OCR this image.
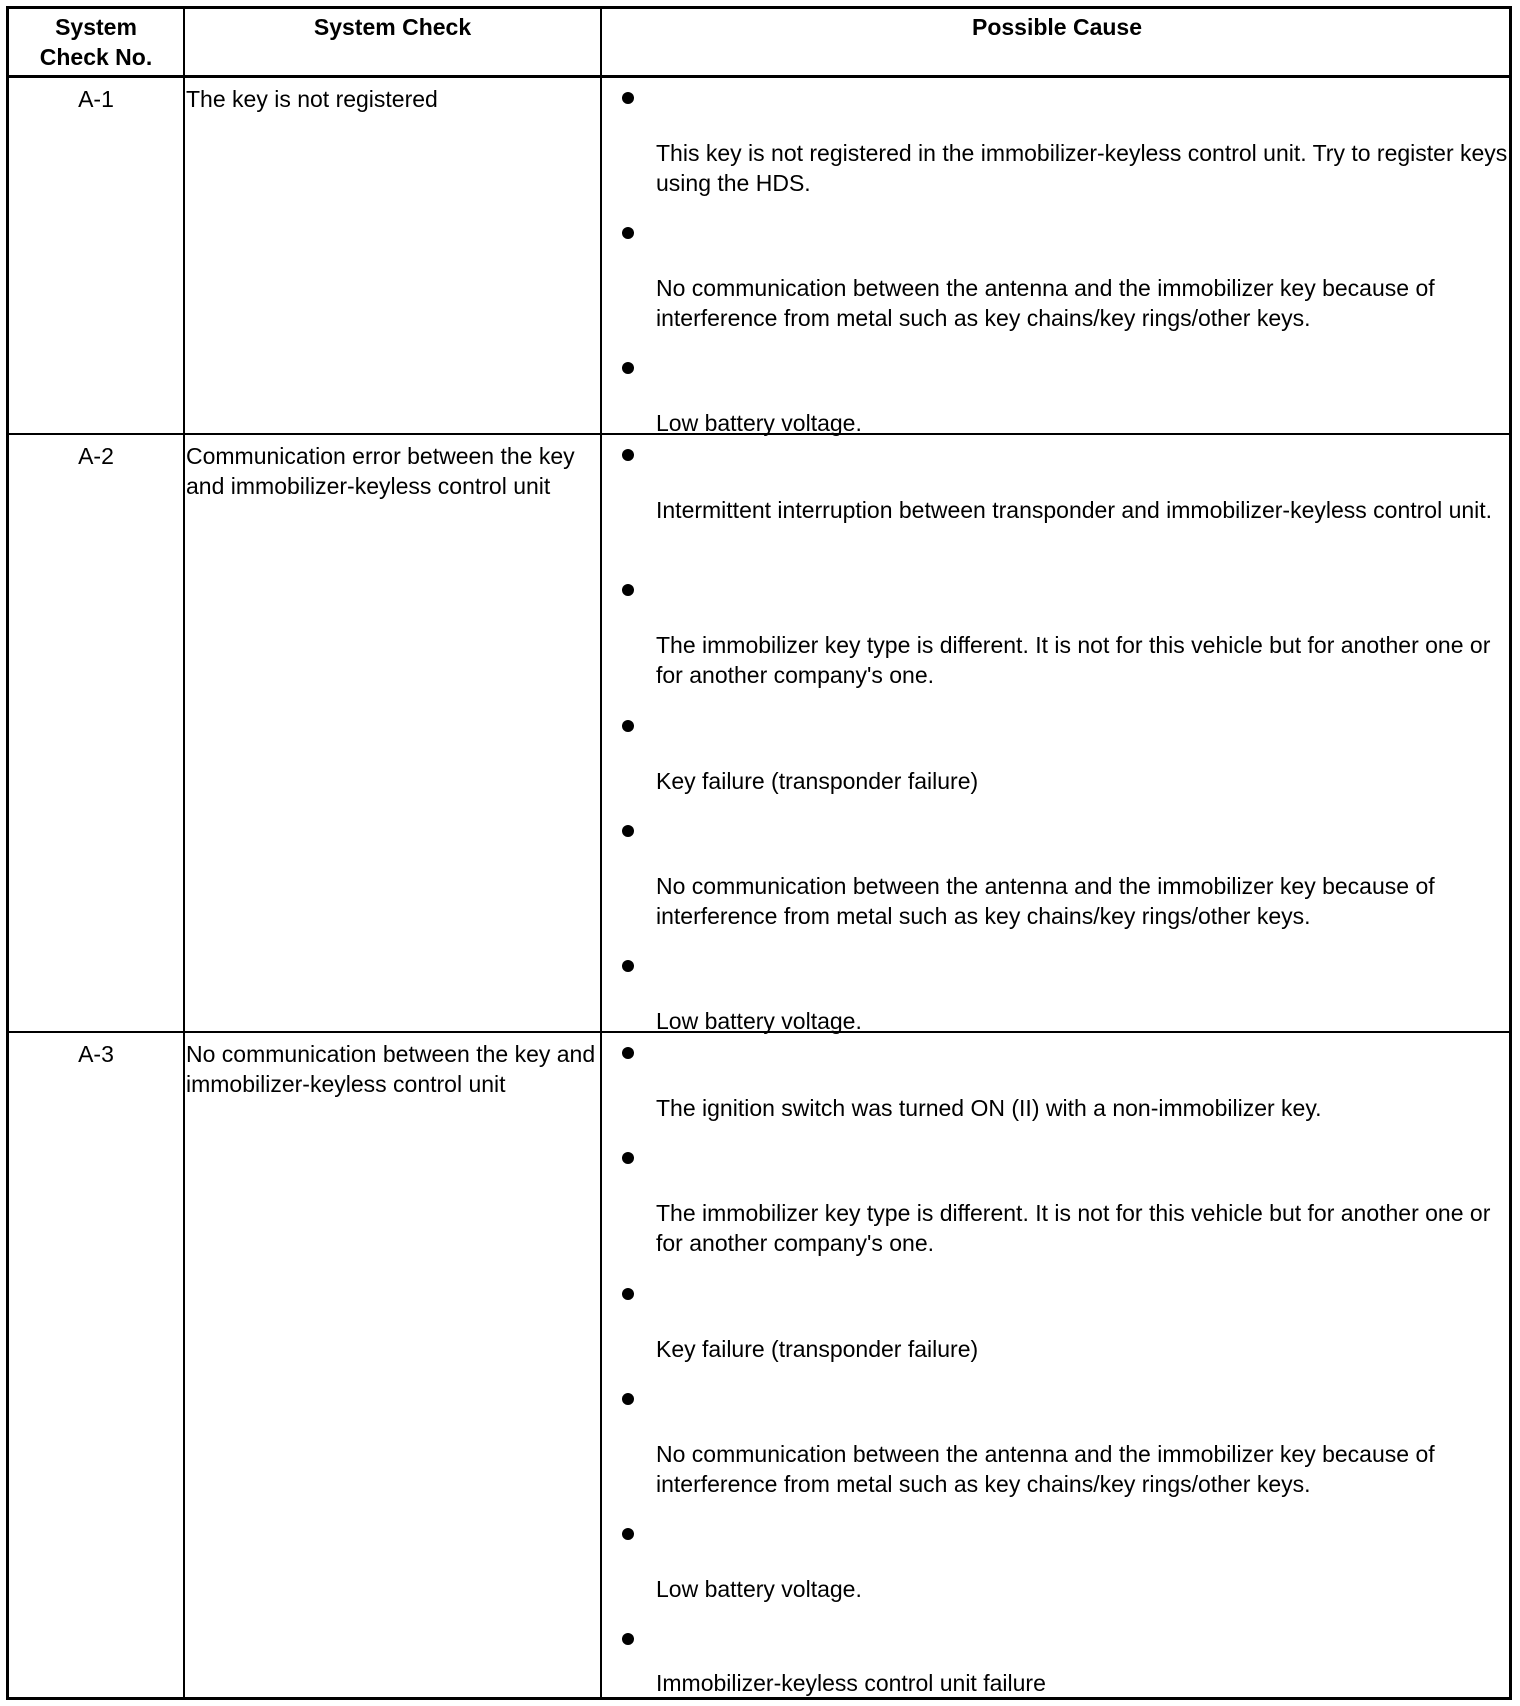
System
Check No.
System Check	Possible Cause
A-1	The key is not registered
This key is not registered in the immobilizer-keyless control unit. Try to register keys using the HDS.
No communication between the antenna and the immobilizer key because of interference from metal such as key chains/key rings/other keys.
Low battery voltage.
A-2	Communication error between the key and immobilizer-keyless control unit
Intermittent interruption between transponder and immobilizer-keyless control unit.
The immobilizer key type is different. It is not for this vehicle but for another one or for another company's one.
Key failure (transponder failure)
No communication between the antenna and the immobilizer key because of interference from metal such as key chains/key rings/other keys.
Low battery voltage.
A-3	No communication between the key and immobilizer-keyless control unit
The ignition switch was turned ON (II) with a non-immobilizer key.
The immobilizer key type is different. It is not for this vehicle but for another one or for another company's one.
Key failure (transponder failure)
No communication between the antenna and the immobilizer key because of interference from metal such as key chains/key rings/other keys.
Low battery voltage.
Immobilizer-keyless control unit failure
